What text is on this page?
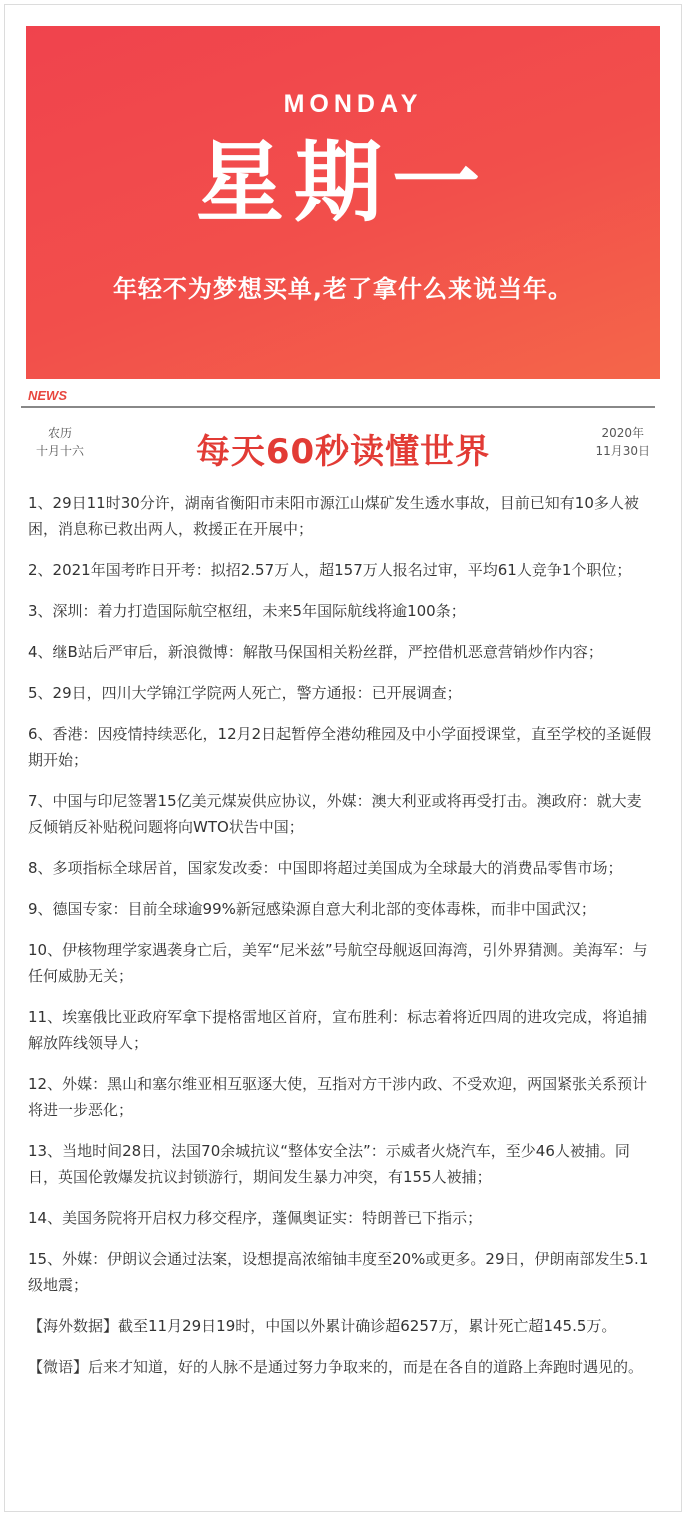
MONDAY
星期一
年轻不为梦想买单,老了拿什么来说当年。
NEWS
农历
十月十六	每天60秒读懂世界	2020年
11月30日
1、29日11时30分许，湖南省衡阳市耒阳市源江山煤矿发生透水事故，目前已知有10多人被困，消息称已救出两人，救援正在开展中；
2、2021年国考昨日开考：拟招2.57万人，超157万人报名过审，平均61人竞争1个职位；
3、深圳：着力打造国际航空枢纽，未来5年国际航线将逾100条；
4、继B站后严审后，新浪微博：解散马保国相关粉丝群，严控借机恶意营销炒作内容；
5、29日，四川大学锦江学院两人死亡，警方通报：已开展调查；
6、香港：因疫情持续恶化，12月2日起暂停全港幼稚园及中小学面授课堂，直至学校的圣诞假期开始；
7、中国与印尼签署15亿美元煤炭供应协议，外媒：澳大利亚或将再受打击。澳政府：就大麦反倾销反补贴税问题将向WTO状告中国；
8、多项指标全球居首，国家发改委：中国即将超过美国成为全球最大的消费品零售市场；
9、德国专家：目前全球逾99%新冠感染源自意大利北部的变体毒株，而非中国武汉；
10、伊核物理学家遇袭身亡后，美军“尼米兹”号航空母舰返回海湾，引外界猜测。美海军：与任何威胁无关；
11、埃塞俄比亚政府军拿下提格雷地区首府，宣布胜利：标志着将近四周的进攻完成，将追捕解放阵线领导人；
12、外媒：黑山和塞尔维亚相互驱逐大使，互指对方干涉内政、不受欢迎，两国紧张关系预计将进一步恶化；
13、当地时间28日，法国70余城抗议“整体安全法”：示威者火烧汽车，至少46人被捕。同日，英国伦敦爆发抗议封锁游行，期间发生暴力冲突，有155人被捕；
14、美国务院将开启权力移交程序，蓬佩奥证实：特朗普已下指示；
15、外媒：伊朗议会通过法案，设想提高浓缩铀丰度至20%或更多。29日，伊朗南部发生5.1级地震；
【海外数据】截至11月29日19时，中国以外累计确诊超6257万，累计死亡超145.5万。
【微语】后来才知道，好的人脉不是通过努力争取来的，而是在各自的道路上奔跑时遇见的。
